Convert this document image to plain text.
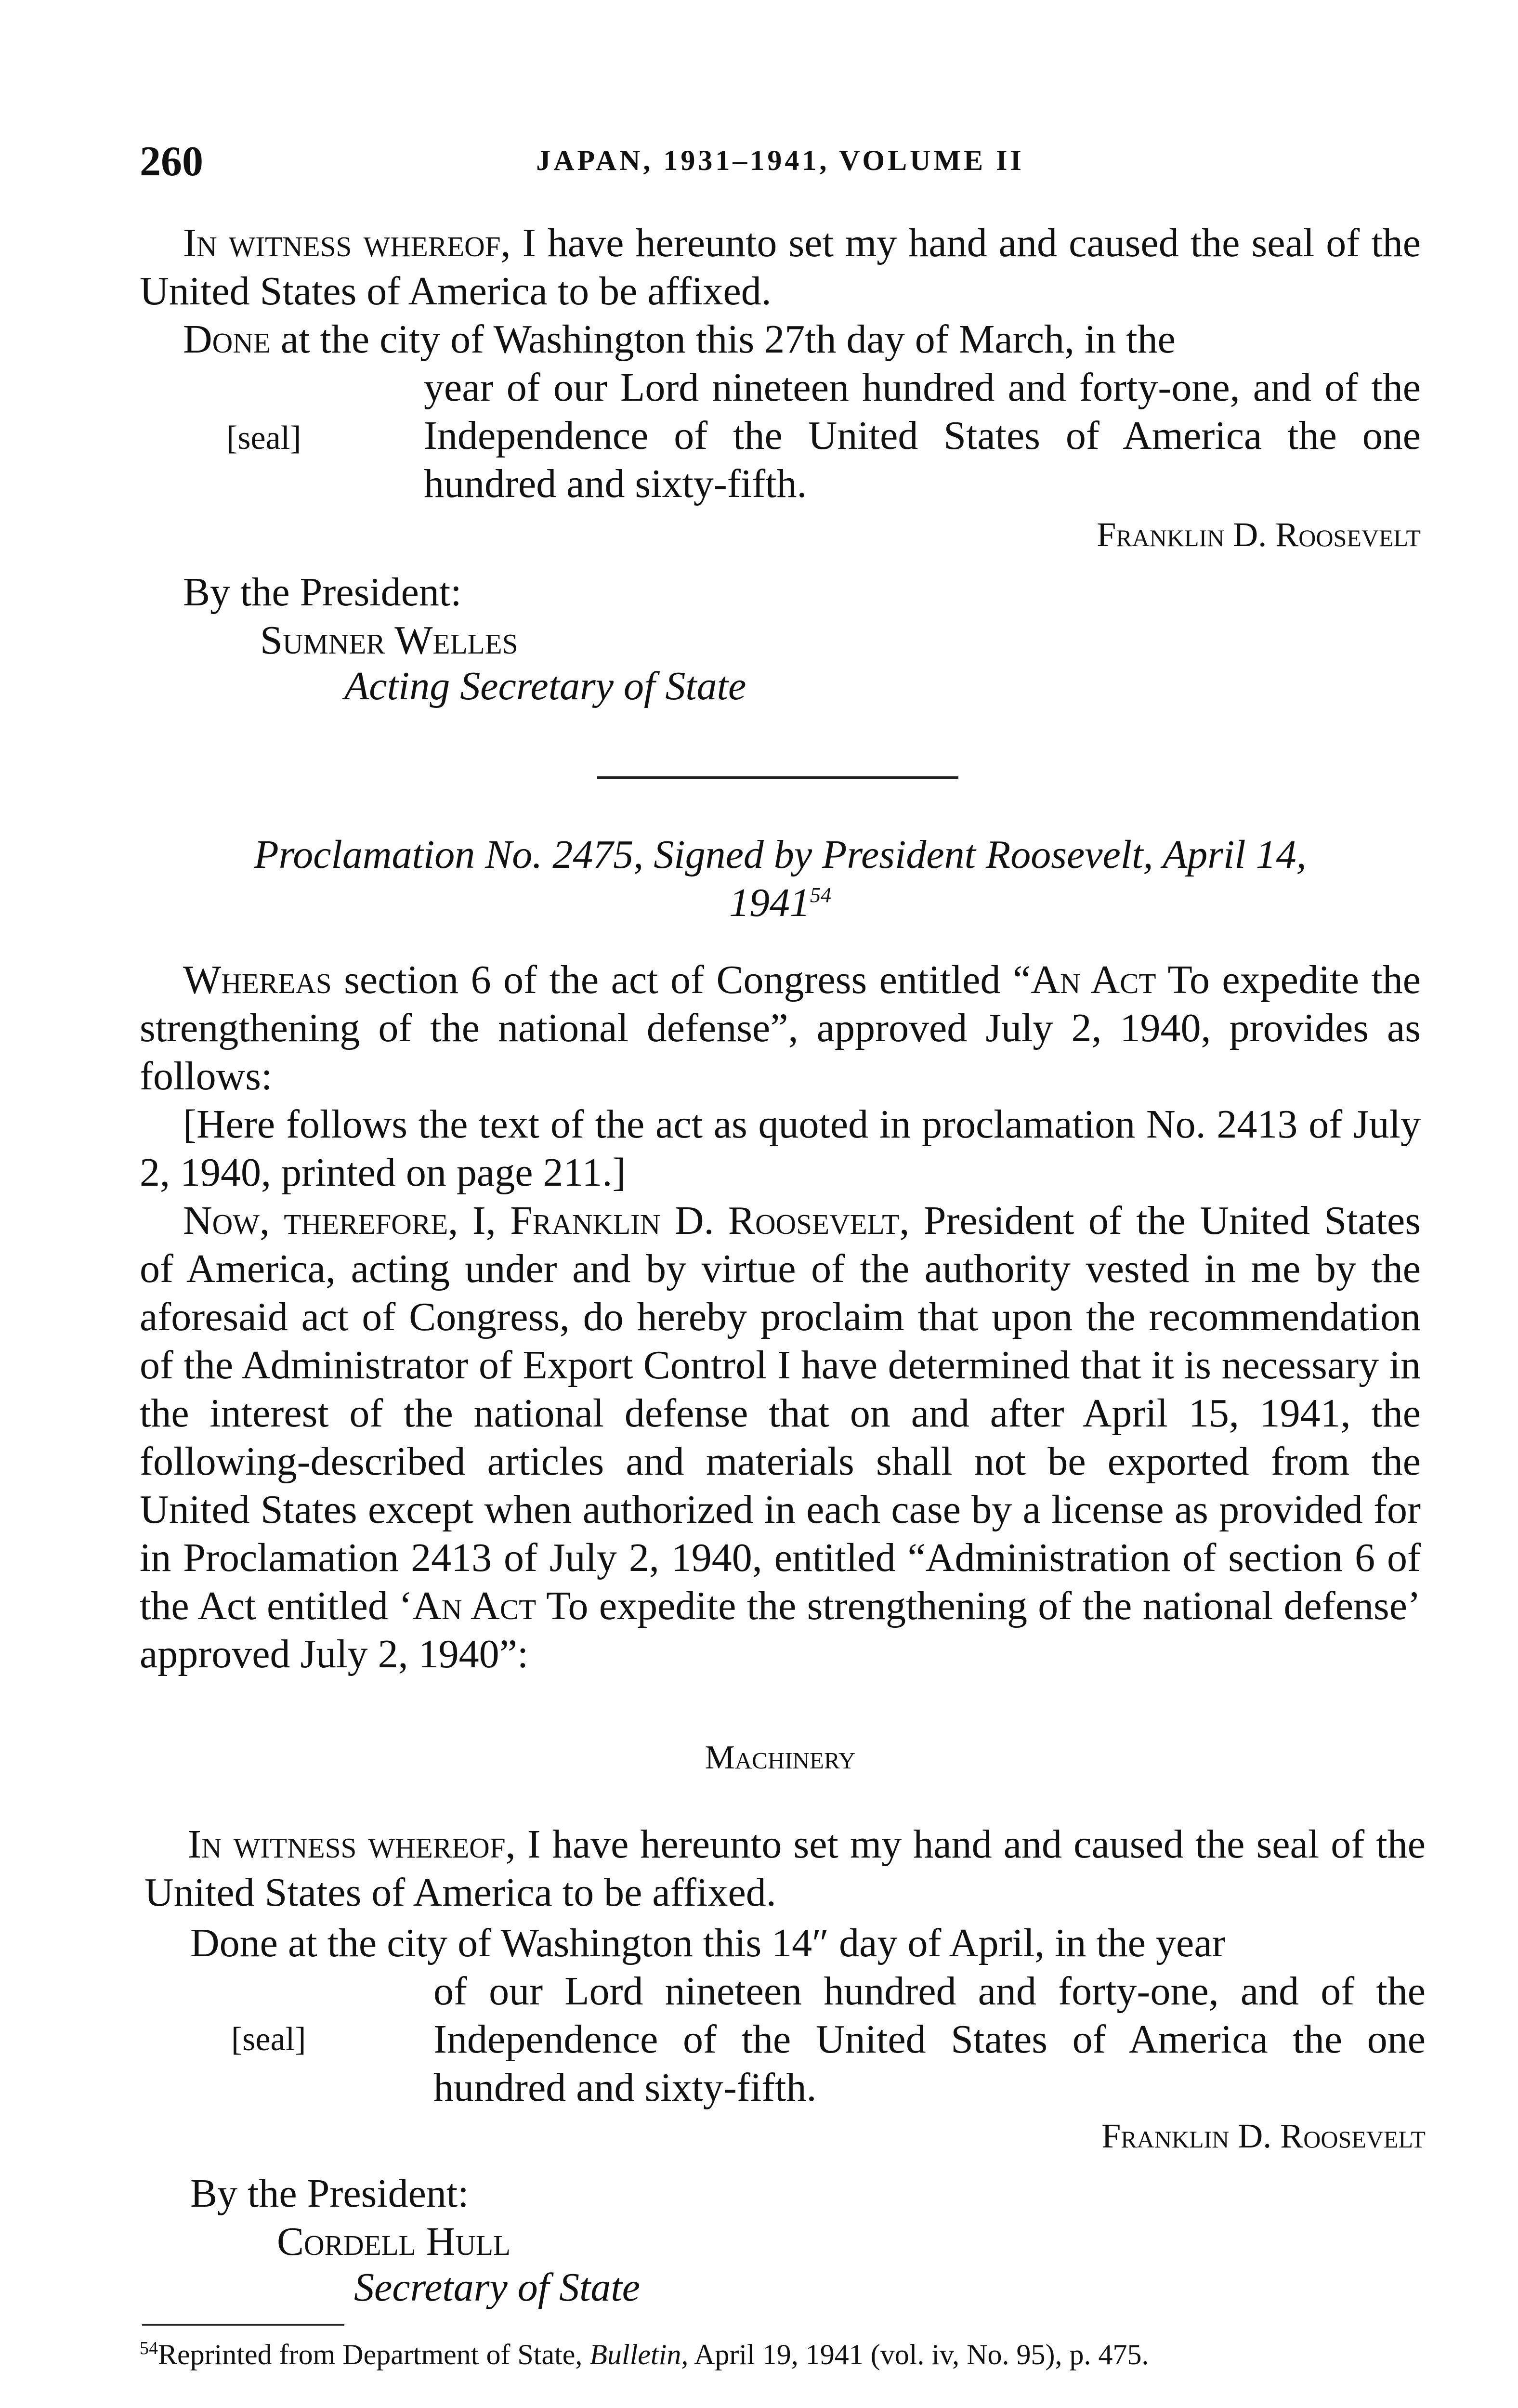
260	JAPAN, 1931–1941, VOLUME II
In witness whereof, I have hereunto set my hand and caused the seal of the United States of America to be affixed.
Done at the city of Washington this 27th day of March, in the
[seal]
year of our Lord nineteen hundred and forty-one, and of the Independence of the United States of America the one hundred and sixty-fifth.
Franklin D. Roosevelt
By the President:
Sumner Welles
Acting Secretary of State
Proclamation No. 2475, Signed by President Roosevelt, April 14,
1941$^{54}$
Whereas section 6 of the act of Congress entitled “An Act To expedite the strengthening of the national defense”, approved July 2, 1940, provides as follows:
[Here follows the text of the act as quoted in proclamation No. 2413 of July 2, 1940, printed on page 211.]
Now, therefore, I, Franklin D. Roosevelt, President of the United States of America, acting under and by virtue of the authority vested in me by the aforesaid act of Congress, do hereby proclaim that upon the recommendation of the Administrator of Export Control I have determined that it is necessary in the interest of the national defense that on and after April 15, 1941, the following-described articles and materials shall not be exported from the United States except when authorized in each case by a license as provided for in Proclamation 2413 of July 2, 1940, entitled “Administration of section 6 of the Act entitled ‘An Act To expedite the strengthening of the national defense’ approved July 2, 1940”:
Machinery
In witness whereof, I have hereunto set my hand and caused the seal of the United States of America to be affixed.
Done at the city of Washington this 14″ day of April, in the year
[seal]
of our Lord nineteen hundred and forty-one, and of the Independence of the United States of America the one hundred and sixty-fifth.
Franklin D. Roosevelt
By the President:
Cordell Hull
Secretary of State
$^{54}$Reprinted from Department of State, Bulletin, April 19, 1941 (vol. iv, No. 95), p. 475.
